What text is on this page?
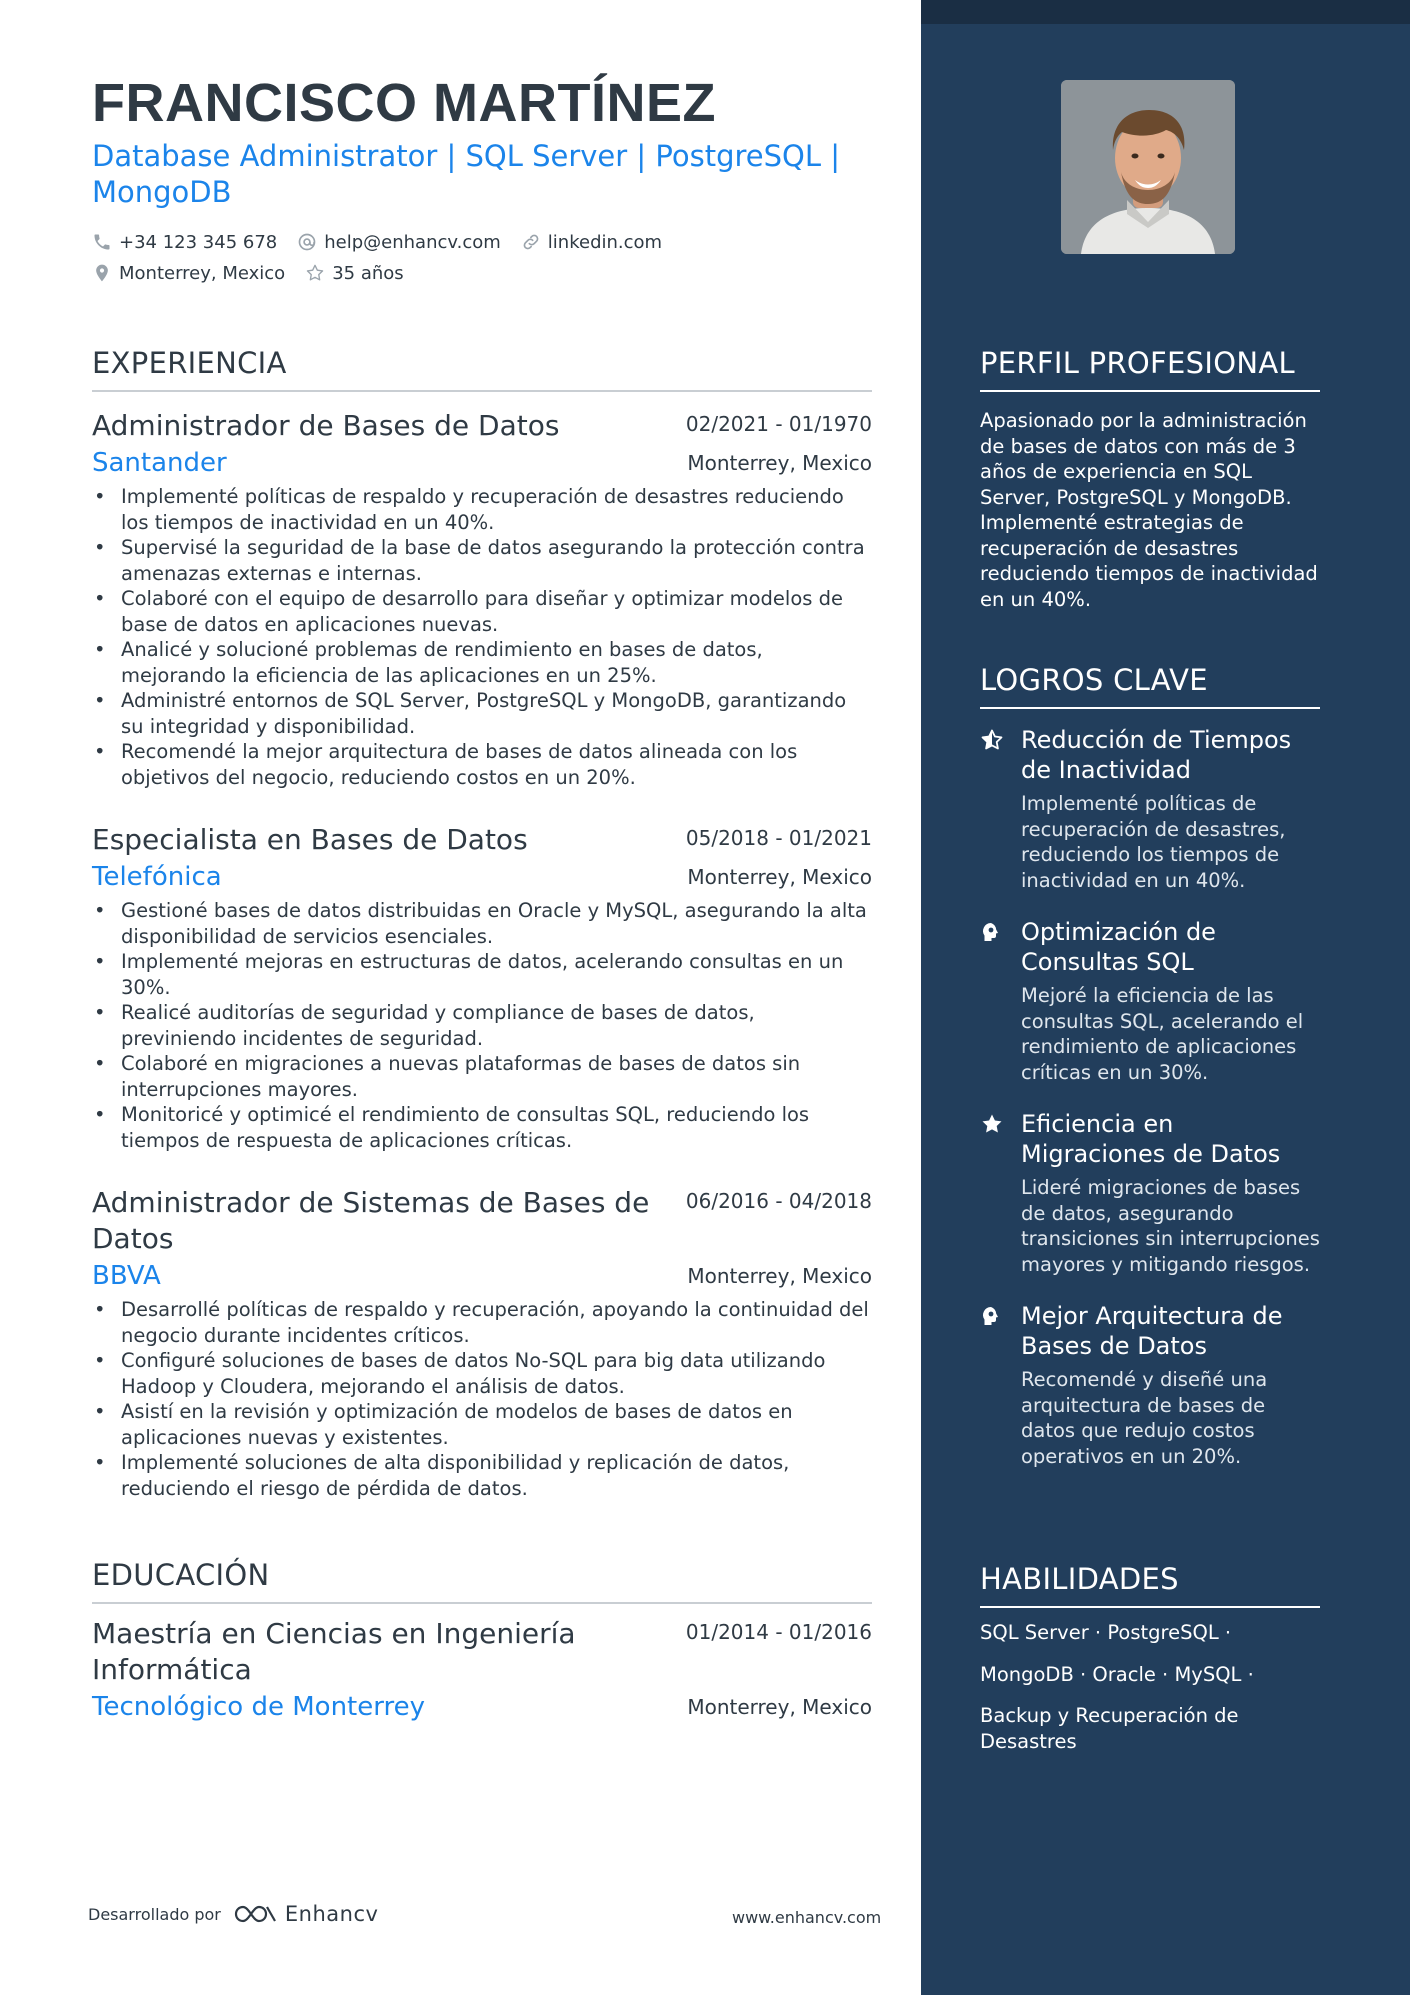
FRANCISCO MARTÍNEZ
Database Administrator | SQL Server | PostgreSQL | MongoDB
+34 123 345 678	help@enhancv.com	linkedin.com
Monterrey, Mexico	35 años
EXPERIENCIA
Administrador de Bases de Datos	02/2021 - 01/1970
Santander	Monterrey, Mexico
• Implementé políticas de respaldo y recuperación de desastres reduciendo los tiempos de inactividad en un 40%.
• Supervisé la seguridad de la base de datos asegurando la protección contra amenazas externas e internas.
• Colaboré con el equipo de desarrollo para diseñar y optimizar modelos de base de datos en aplicaciones nuevas.
• Analicé y solucioné problemas de rendimiento en bases de datos, mejorando la eficiencia de las aplicaciones en un 25%.
• Administré entornos de SQL Server, PostgreSQL y MongoDB, garantizando su integridad y disponibilidad.
• Recomendé la mejor arquitectura de bases de datos alineada con los objetivos del negocio, reduciendo costos en un 20%.
Especialista en Bases de Datos	05/2018 - 01/2021
Telefónica	Monterrey, Mexico
• Gestioné bases de datos distribuidas en Oracle y MySQL, asegurando la alta disponibilidad de servicios esenciales.
• Implementé mejoras en estructuras de datos, acelerando consultas en un 30%.
• Realicé auditorías de seguridad y compliance de bases de datos, previniendo incidentes de seguridad.
• Colaboré en migraciones a nuevas plataformas de bases de datos sin interrupciones mayores.
• Monitoricé y optimicé el rendimiento de consultas SQL, reduciendo los tiempos de respuesta de aplicaciones críticas.
Administrador de Sistemas de Bases de Datos
06/2016 - 04/2018
BBVA	Monterrey, Mexico
• Desarrollé políticas de respaldo y recuperación, apoyando la continuidad del negocio durante incidentes críticos.
• Configuré soluciones de bases de datos No-SQL para big data utilizando Hadoop y Cloudera, mejorando el análisis de datos.
• Asistí en la revisión y optimización de modelos de bases de datos en aplicaciones nuevas y existentes.
• Implementé soluciones de alta disponibilidad y replicación de datos, reduciendo el riesgo de pérdida de datos.
EDUCACIÓN
Maestría en Ciencias en Ingeniería Informática
01/2014 - 01/2016
Tecnológico de Monterrey	Monterrey, Mexico
Desarrollado por	Enhancv	www.enhancv.com
PERFIL PROFESIONAL
Apasionado por la administración de bases de datos con más de 3 años de experiencia en SQL Server, PostgreSQL y MongoDB. Implementé estrategias de recuperación de desastres reduciendo tiempos de inactividad en un 40%.
LOGROS CLAVE
Reducción de Tiempos de Inactividad
Implementé políticas de recuperación de desastres, reduciendo los tiempos de inactividad en un 40%.
Optimización de Consultas SQL
Mejoré la eficiencia de las consultas SQL, acelerando el rendimiento de aplicaciones críticas en un 30%.
Eficiencia en Migraciones de Datos
Lideré migraciones de bases de datos, asegurando transiciones sin interrupciones mayores y mitigando riesgos.
Mejor Arquitectura de Bases de Datos
Recomendé y diseñé una arquitectura de bases de datos que redujo costos operativos en un 20%.
HABILIDADES
SQL Server · PostgreSQL ·
MongoDB · Oracle · MySQL ·
Backup y Recuperación de Desastres
